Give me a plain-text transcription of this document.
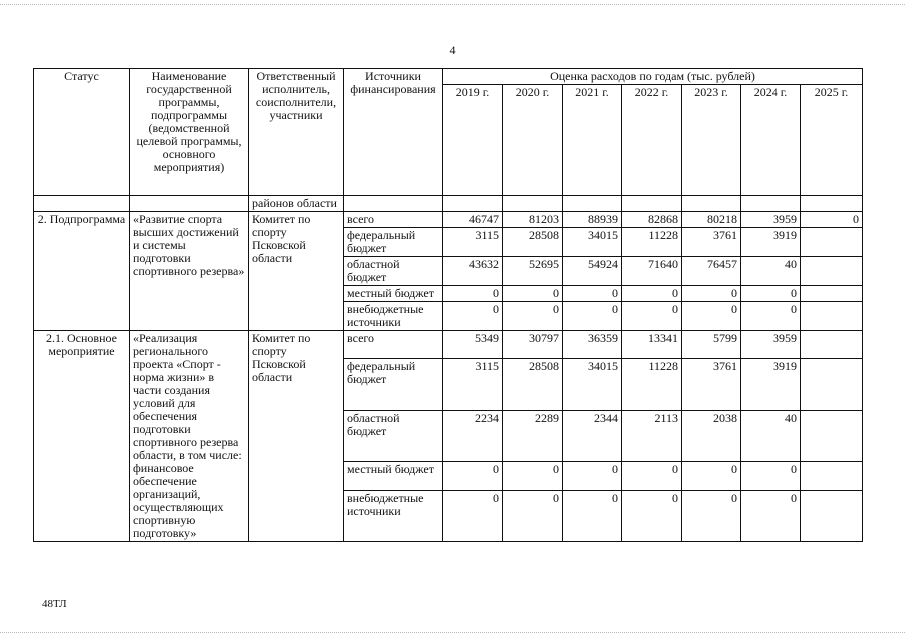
4
Статус	Наименование государственной программы, подпрограммы (ведомственной целевой программы, основного мероприятия)	Ответственный исполнитель, соисполнители, участники	Источники финансирования	Оценка расходов по годам (тыс. рублей)						
				2019 г.	2020 г.	2021 г.	2022 г.	2023 г.	2024 г.	2025 г.
		районов области								
2. Подпрограмма	«Развитие спорта высших достижений и системы подготовки спортивного резерва»	Комитет по спорту Псковской области	всего	46747	81203	88939	82868	80218	3959	0
			федеральный бюджет	3115	28508	34015	11228	3761	3919	
			областной бюджет	43632	52695	54924	71640	76457	40	
			местный бюджет	0	0	0	0	0	0	
			внебюджетные источники	0	0	0	0	0	0	
2.1. Основное мероприятие	«Реализация регионального проекта «Спорт - норма жизни» в части создания условий для обеспечения подготовки спортивного резерва области, в том числе: финансовое обеспечение организаций, осуществляющих спортивную подготовку»	Комитет по спорту Псковской области	всего	5349	30797	36359	13341	5799	3959	
			федеральный бюджет	3115	28508	34015	11228	3761	3919	
			областной бюджет	2234	2289	2344	2113	2038	40	
			местный бюджет	0	0	0	0	0	0	
			внебюджетные источники	0	0	0	0	0	0	
48ТЛ
